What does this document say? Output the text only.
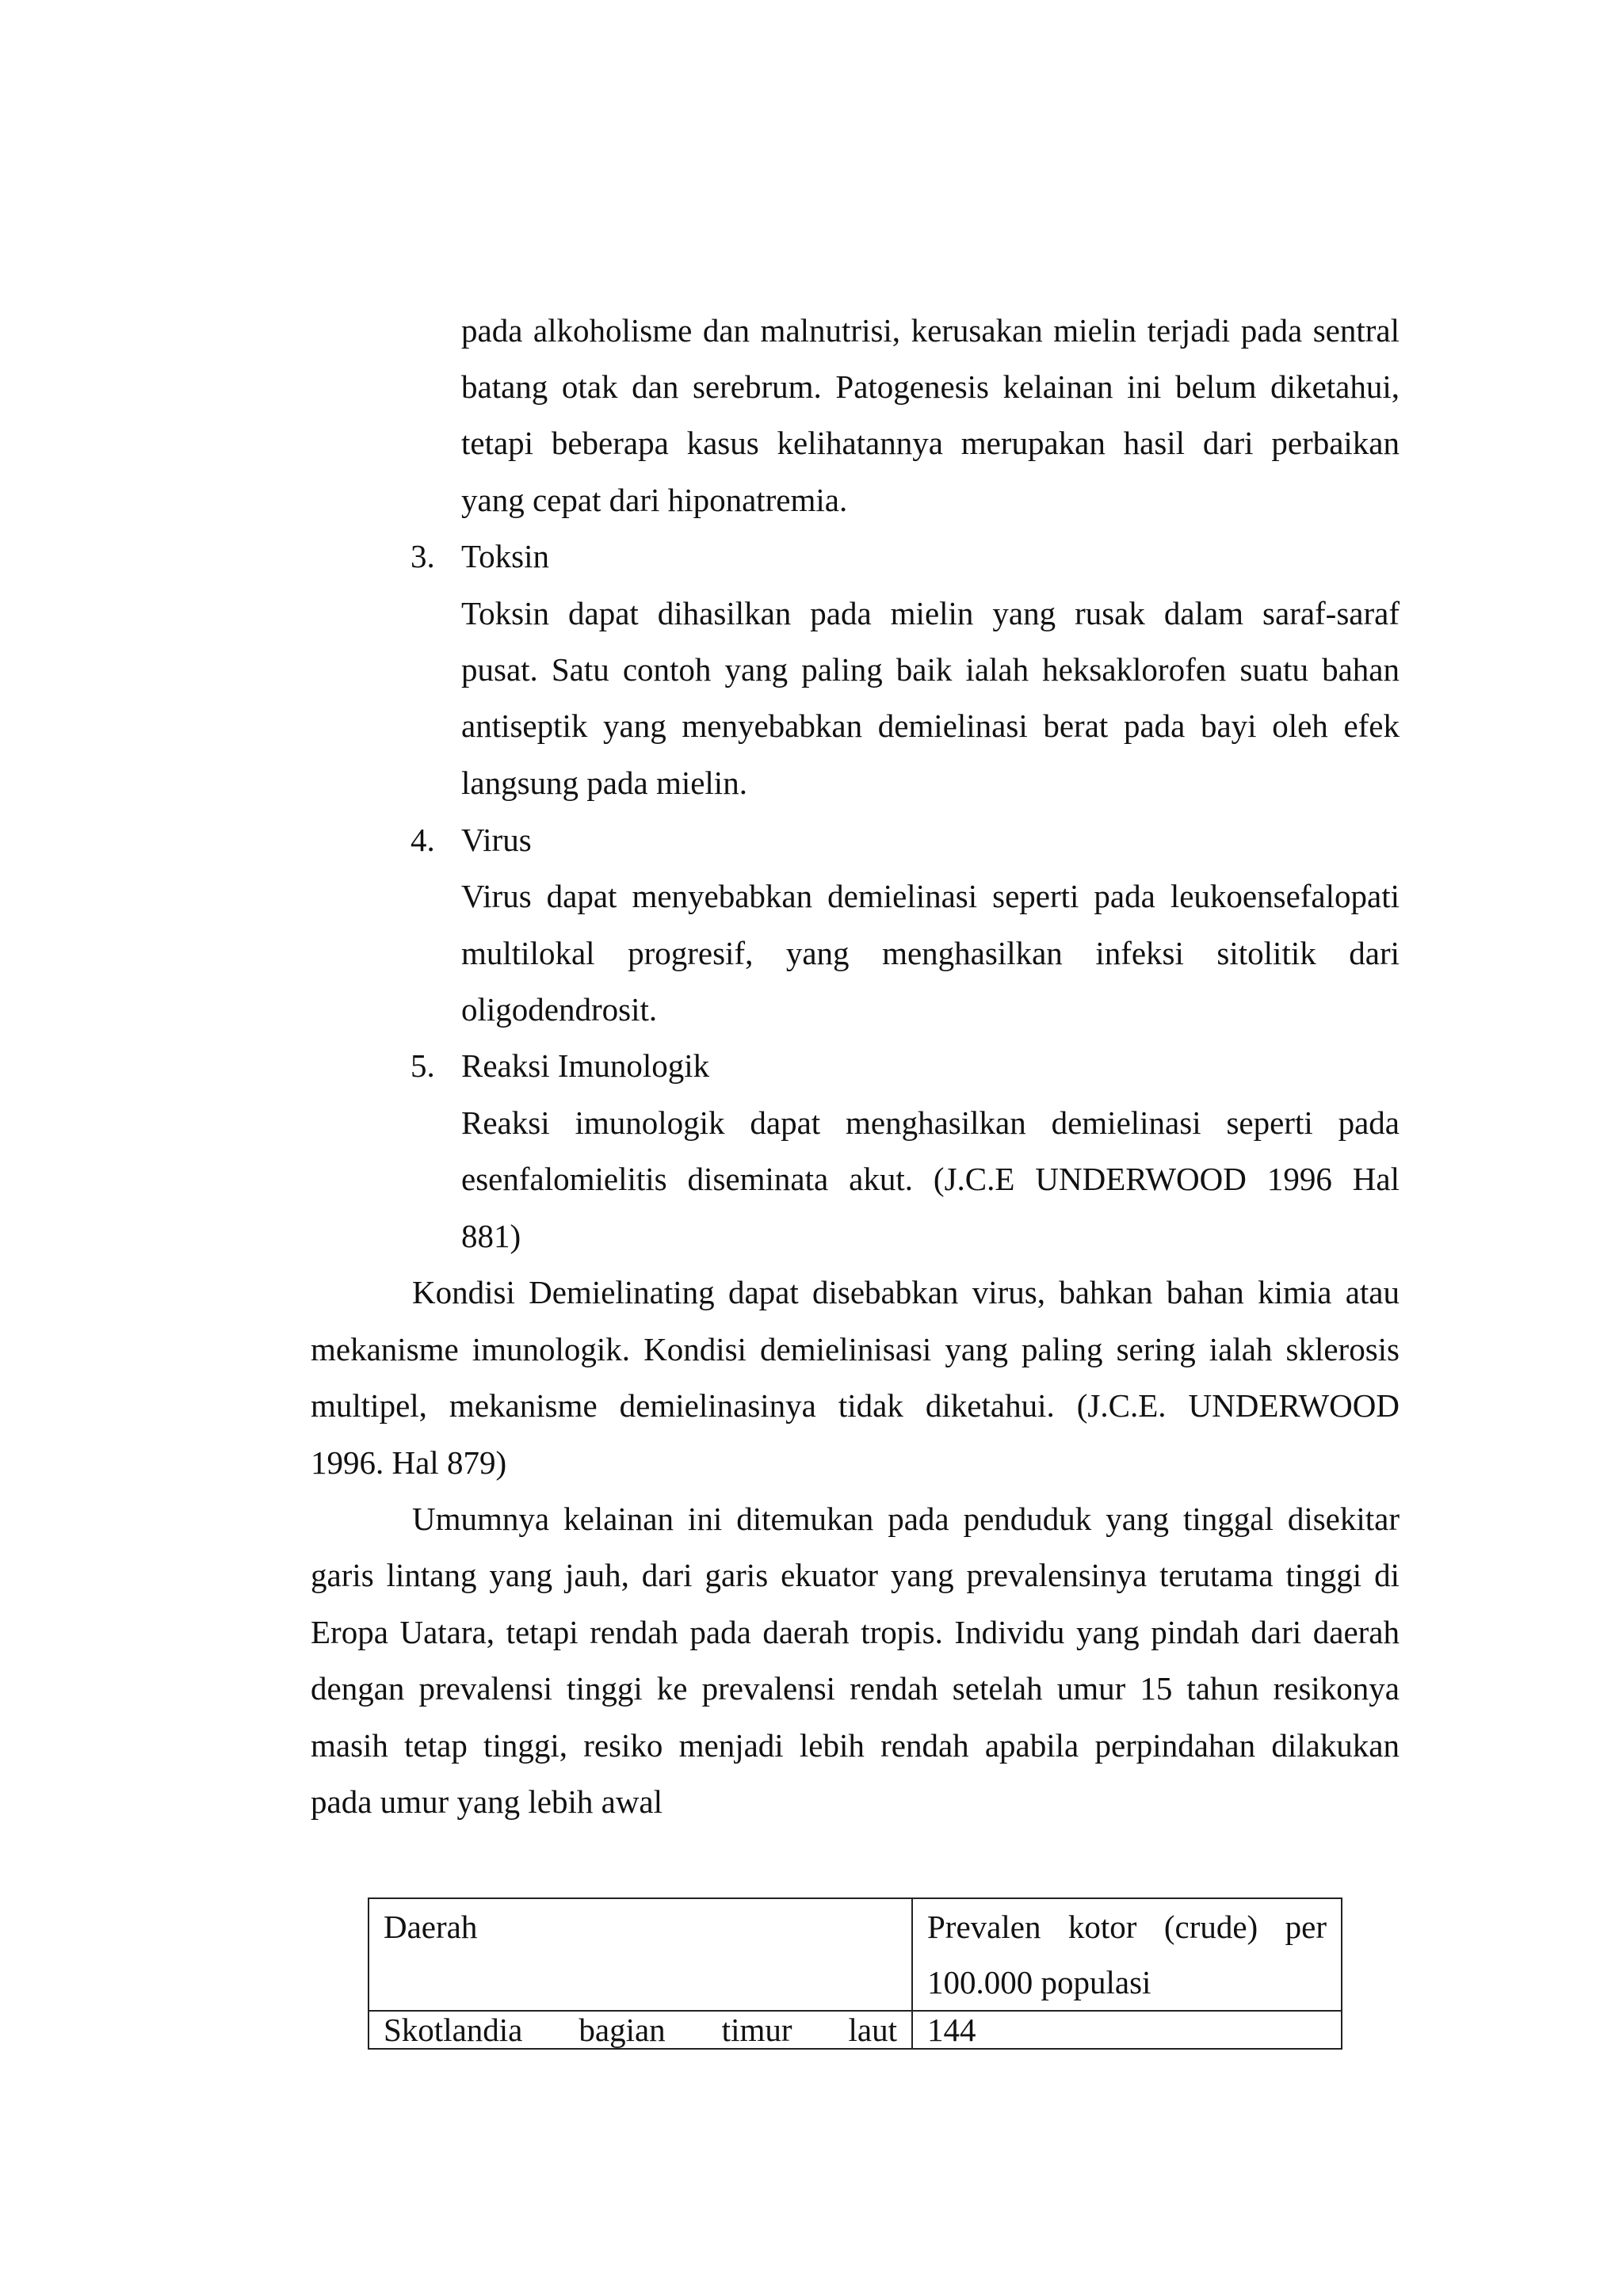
pada alkoholisme dan malnutrisi, kerusakan mielin terjadi pada sentral
batang otak dan serebrum. Patogenesis kelainan ini belum diketahui,
tetapi beberapa kasus kelihatannya merupakan hasil dari perbaikan
yang cepat dari hiponatremia.
3. Toksin
Toksin dapat dihasilkan pada mielin yang rusak dalam saraf-saraf
pusat. Satu contoh yang paling baik ialah heksaklorofen suatu bahan
antiseptik yang menyebabkan demielinasi berat pada bayi oleh efek
langsung pada mielin.
4. Virus
Virus dapat menyebabkan demielinasi seperti pada leukoensefalopati
multilokal progresif, yang menghasilkan infeksi sitolitik dari
oligodendrosit.
5. Reaksi Imunologik
Reaksi imunologik dapat menghasilkan demielinasi seperti pada
esenfalomielitis diseminata akut. (J.C.E UNDERWOOD 1996 Hal
881)
Kondisi Demielinating dapat disebabkan virus, bahkan bahan kimia atau
mekanisme imunologik. Kondisi demielinisasi yang paling sering ialah sklerosis
multipel, mekanisme demielinasinya tidak diketahui. (J.C.E. UNDERWOOD
1996. Hal 879)
Umumnya kelainan ini ditemukan pada penduduk yang tinggal disekitar
garis lintang yang jauh, dari garis ekuator yang prevalensinya terutama tinggi di
Eropa Uatara, tetapi rendah pada daerah tropis. Individu yang pindah dari daerah
dengan prevalensi tinggi ke prevalensi rendah setelah umur 15 tahun resikonya
masih tetap tinggi, resiko menjadi lebih rendah apabila perpindahan dilakukan
pada umur yang lebih awal
Daerah	Prevalen kotor (crude) per
100.000 populasi

Skotlandia bagian timur laut	144
